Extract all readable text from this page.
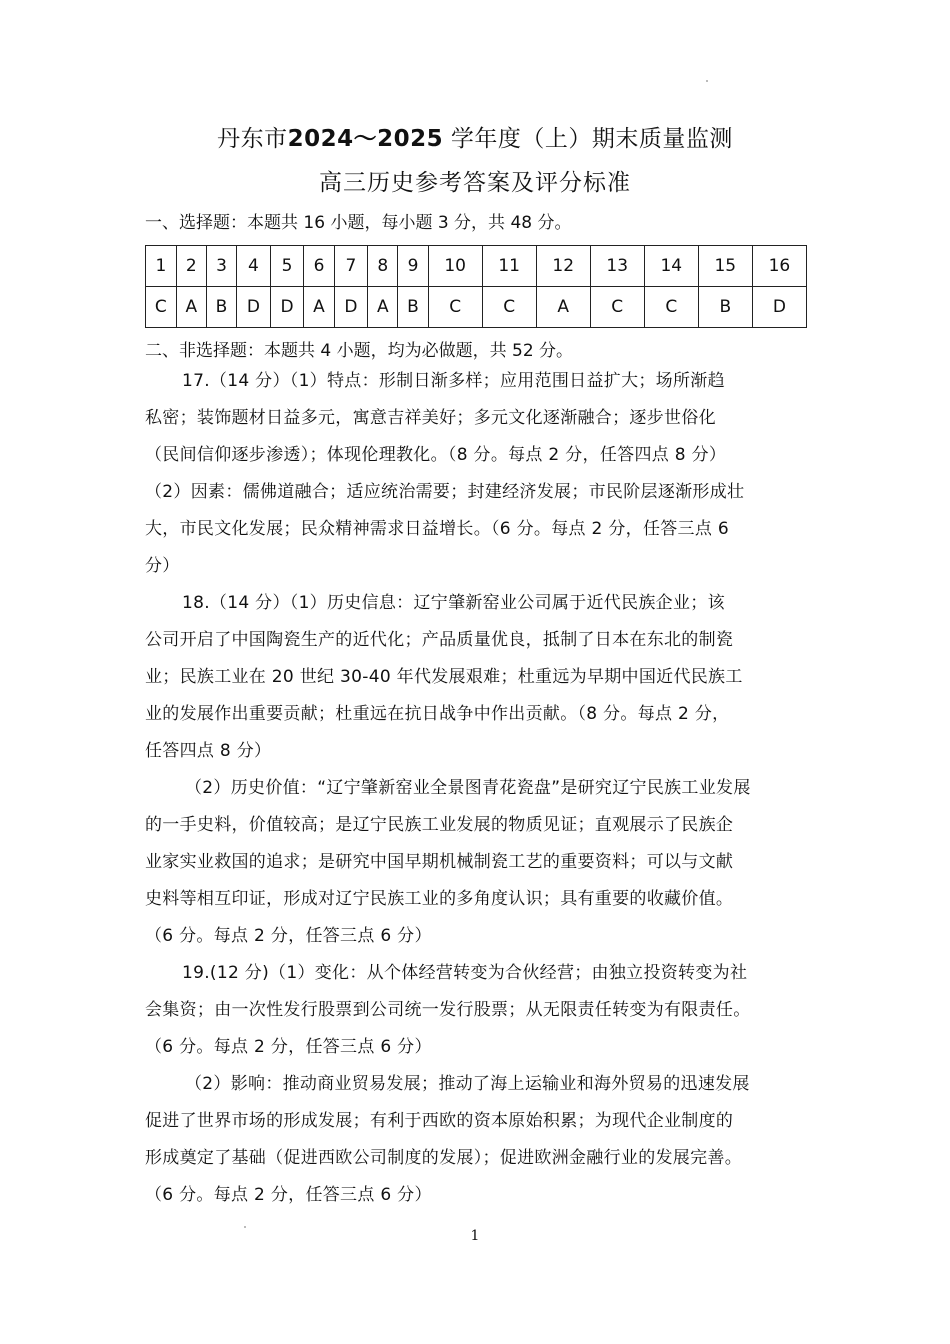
丹东市2024～2025 学年度（上）期末质量监测
高三历史参考答案及评分标准
一、选择题：本题共 16 小题，每小题 3 分，共 48 分。
1	2	3	4	5	6	7	8	9	10	11	12	13	14	15	16
C	A	B	D	D	A	D	A	B	C	C	A	C	C	B	D
二、非选择题：本题共 4 小题，均为必做题，共 52 分。
17.（14 分）（1）特点：形制日渐多样；应用范围日益扩大；场所渐趋
私密；装饰题材日益多元，寓意吉祥美好；多元文化逐渐融合；逐步世俗化
（民间信仰逐步渗透）；体现伦理教化。（8 分。每点 2 分，任答四点 8 分）
（2）因素：儒佛道融合；适应统治需要；封建经济发展；市民阶层逐渐形成壮
大，市民文化发展；民众精神需求日益增长。（6 分。每点 2 分，任答三点 6
分）
18.（14 分）（1）历史信息：辽宁肇新窑业公司属于近代民族企业；该
公司开启了中国陶瓷生产的近代化；产品质量优良，抵制了日本在东北的制瓷
业；民族工业在 20 世纪 30-40 年代发展艰难；杜重远为早期中国近代民族工
业的发展作出重要贡献；杜重远在抗日战争中作出贡献。（8 分。每点 2 分，
任答四点 8 分）
（2）历史价值：“辽宁肇新窑业全景图青花瓷盘”是研究辽宁民族工业发展
的一手史料，价值较高；是辽宁民族工业发展的物质见证；直观展示了民族企
业家实业救国的追求；是研究中国早期机械制瓷工艺的重要资料；可以与文献
史料等相互印证，形成对辽宁民族工业的多角度认识；具有重要的收藏价值。
（6 分。每点 2 分，任答三点 6 分）
19.(12 分)（1）变化：从个体经营转变为合伙经营；由独立投资转变为社
会集资；由一次性发行股票到公司统一发行股票；从无限责任转变为有限责任。
（6 分。每点 2 分，任答三点 6 分）
（2）影响：推动商业贸易发展；推动了海上运输业和海外贸易的迅速发展
促进了世界市场的形成发展；有利于西欧的资本原始积累；为现代企业制度的
形成奠定了基础（促进西欧公司制度的发展）；促进欧洲金融行业的发展完善。
（6 分。每点 2 分，任答三点 6 分）
1
